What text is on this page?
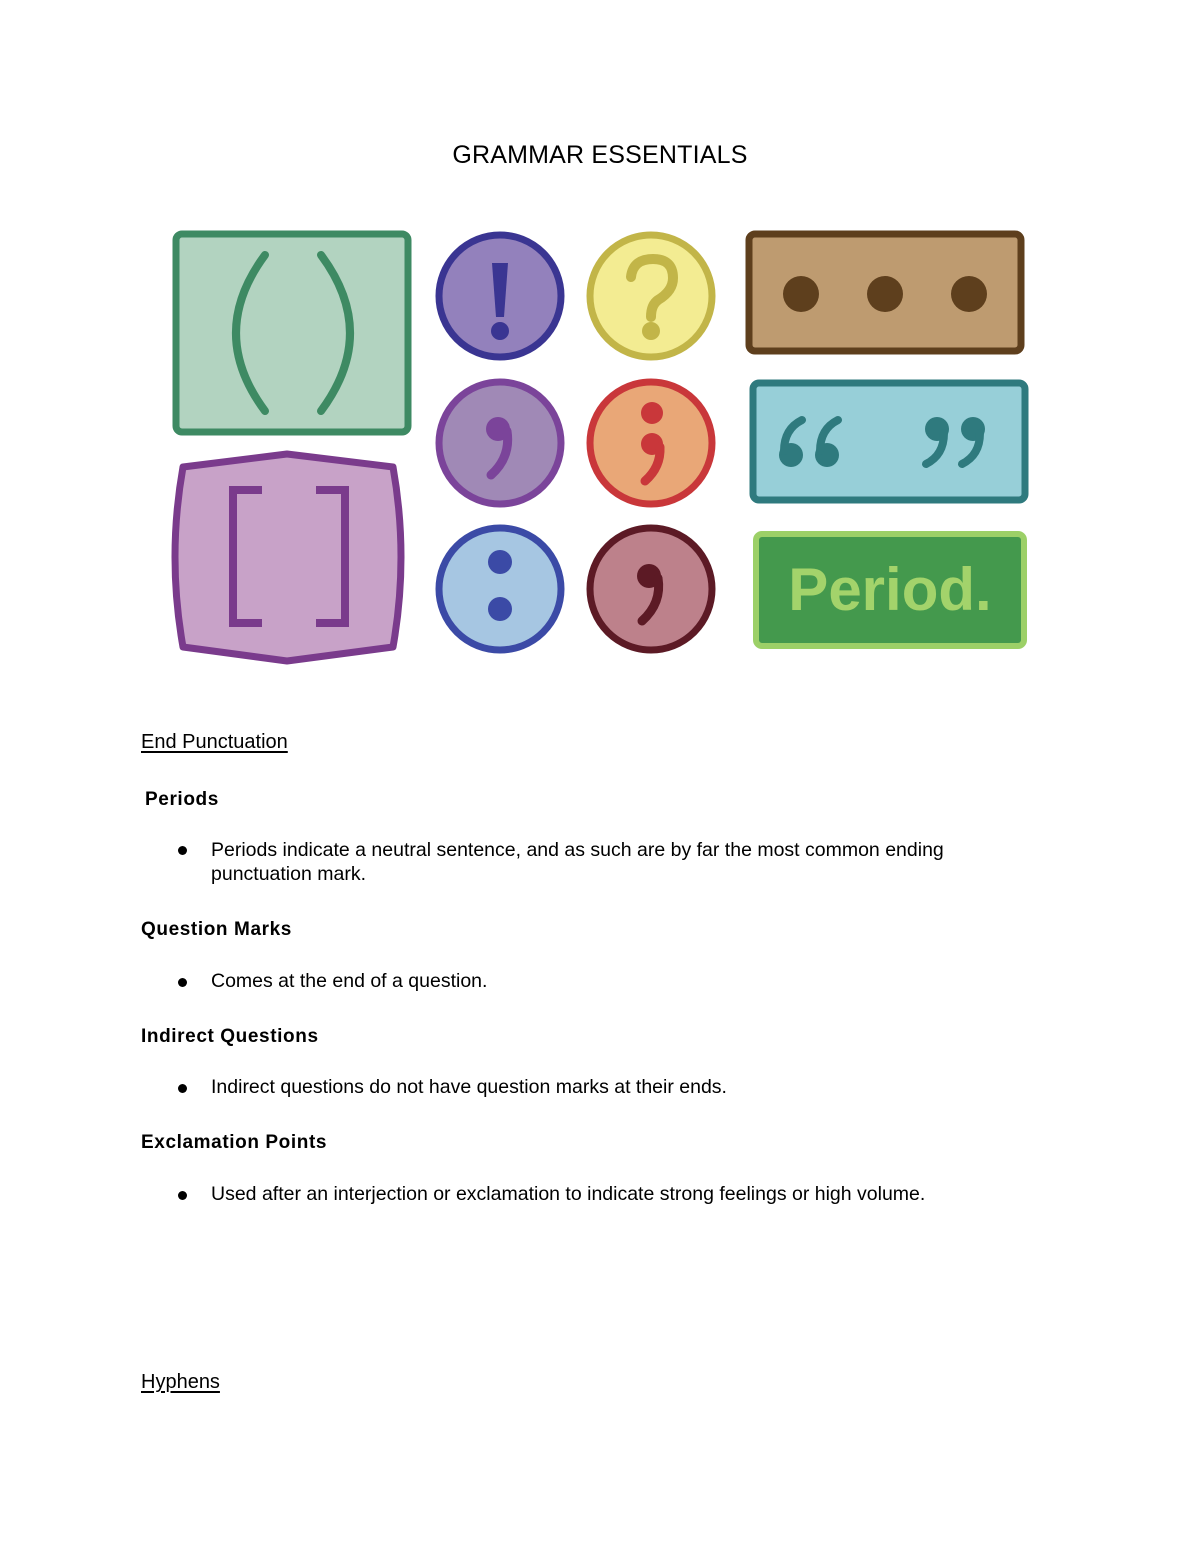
GRAMMAR ESSENTIALS
Period.
End Punctuation
Periods
Periods indicate a neutral sentence, and as such are by far the most common ending punctuation mark.
Question Marks
Comes at the end of a question.
Indirect Questions
Indirect questions do not have question marks at their ends.
Exclamation Points
Used after an interjection or exclamation to indicate strong feelings or high volume.
Hyphens
